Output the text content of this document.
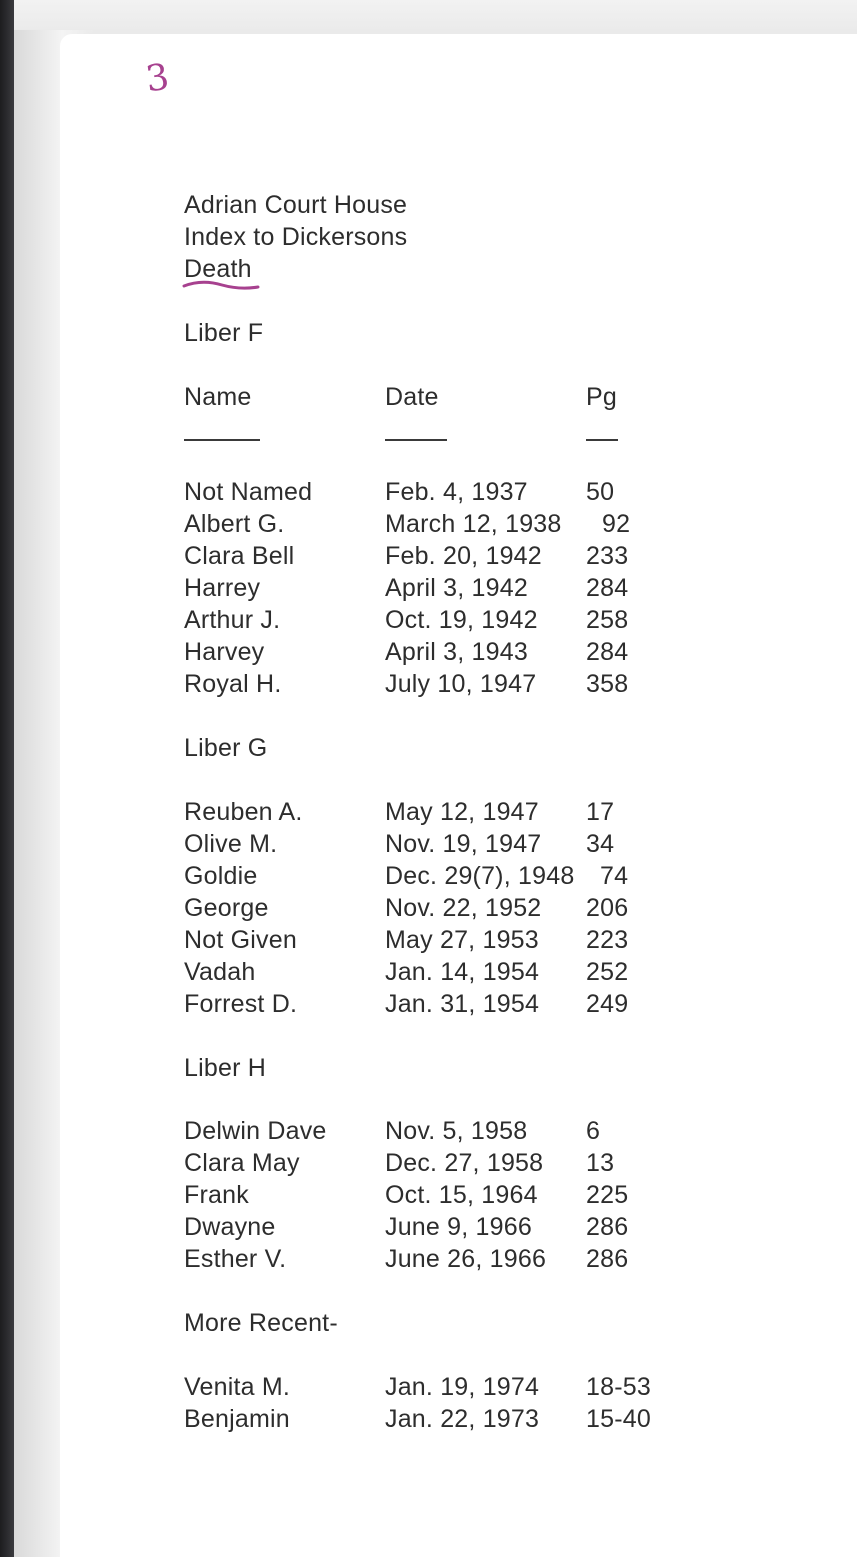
3
Adrian Court House
Index to Dickersons
Death
Liber F
Name	Date	Pg
Not Named	Feb. 4, 1937 50
Albert G.	March 12, 1938 92
Clara Bell	Feb. 20, 1942 233
Harrey	April 3, 1942 284
Arthur J.	Oct. 19, 1942 258
Harvey	April 3, 1943 284
Royal H.	July 10, 1947 358
Liber G
Reuben A.	May 12, 1947 17
Olive M.	Nov. 19, 1947 34
Goldie	Dec. 29(7), 1948 74
George	Nov. 22, 1952 206
Not Given	May 27, 1953 223
Vadah	Jan. 14, 1954 252
Forrest D.	Jan. 31, 1954 249
Liber H
Delwin Dave Nov. 5, 1958 6
Clara May	Dec. 27, 1958 13
Frank	Oct. 15, 1964 225
Dwayne	June 9, 1966 286
Esther V.	June 26, 1966 286
More Recent-
Venita M.	Jan. 19, 1974 18-53
Benjamin	Jan. 22, 1973 15-40
